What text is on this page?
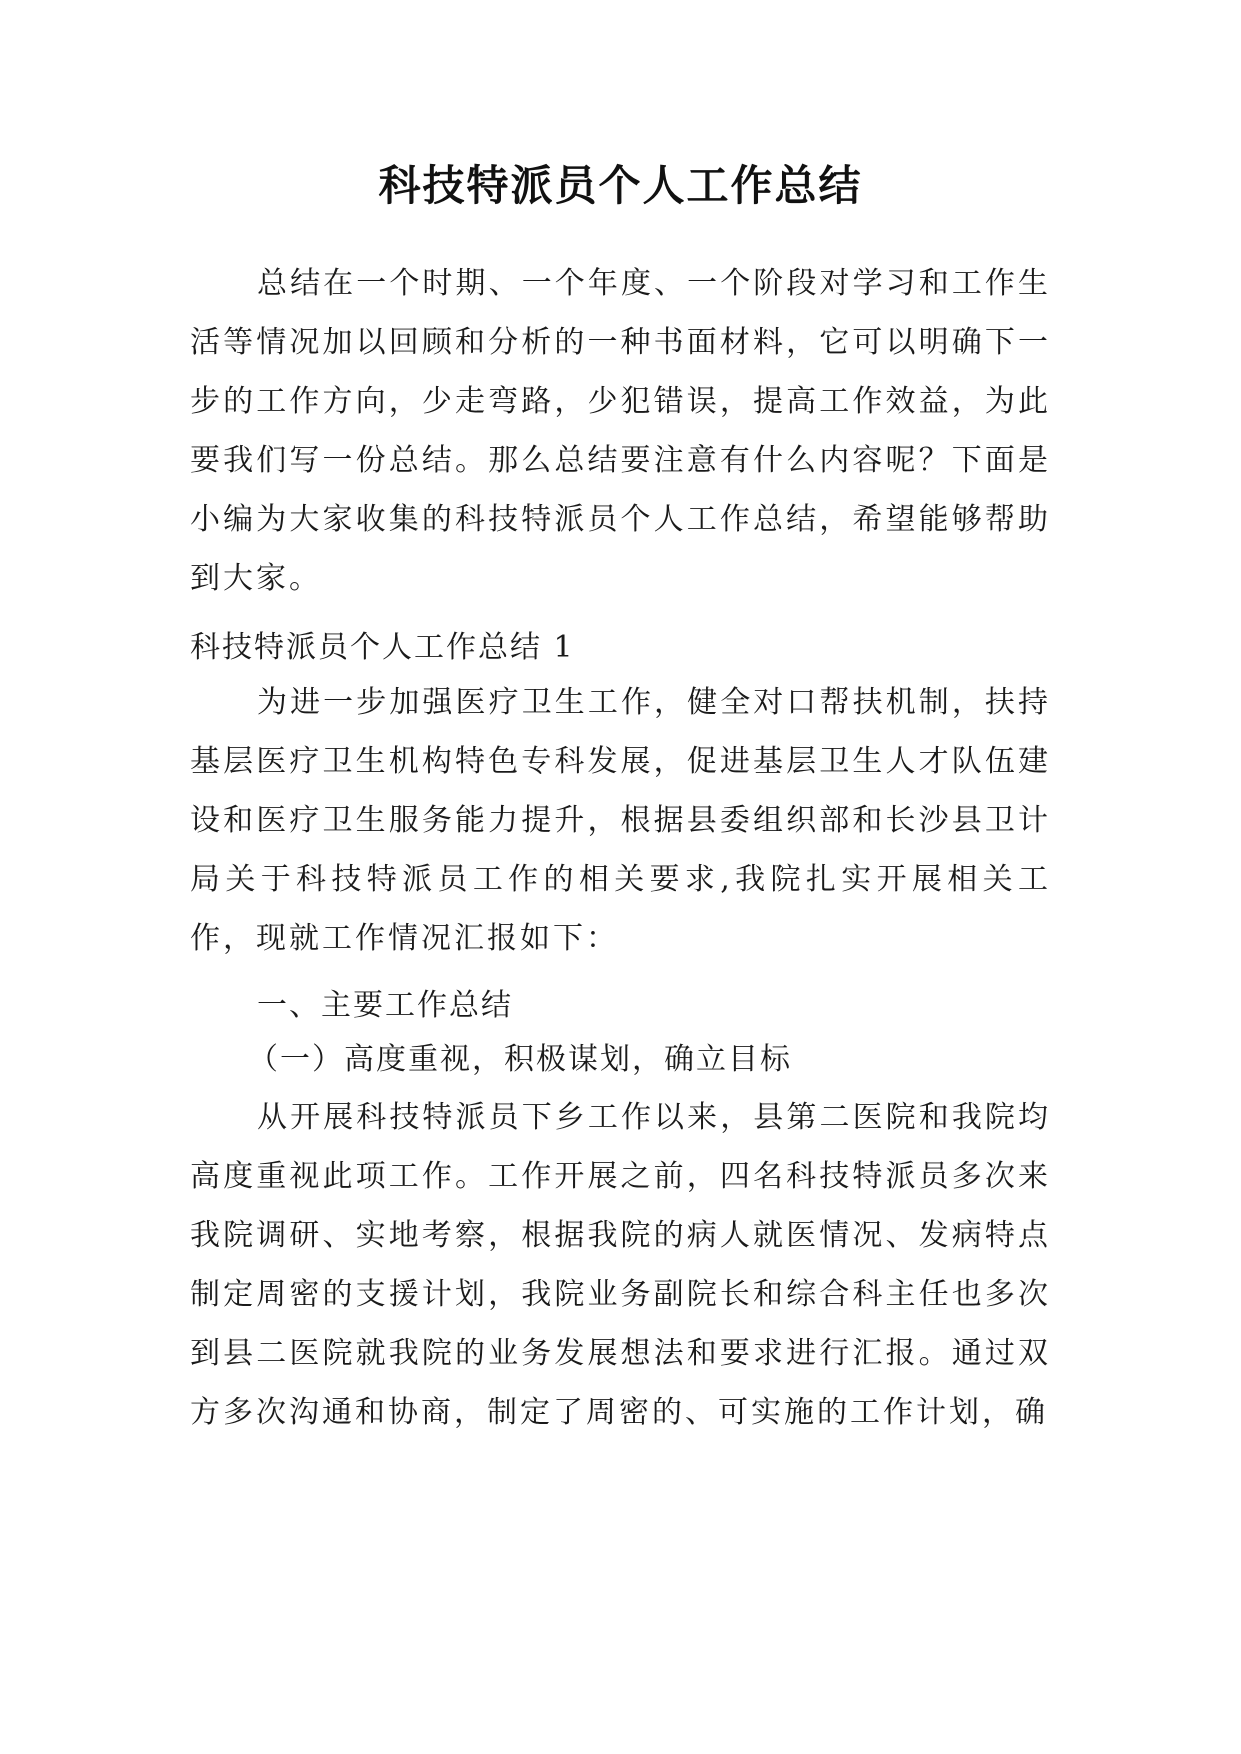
科技特派员个人工作总结

总结在一个时期、一个年度、一个阶段对学习和工作生活等情况加以回顾和分析的一种书面材料，它可以明确下一步的工作方向，少走弯路，少犯错误，提高工作效益，为此要我们写一份总结。那么总结要注意有什么内容呢？下面是小编为大家收集的科技特派员个人工作总结，希望能够帮助到大家。

科技特派员个人工作总结 1

为进一步加强医疗卫生工作，健全对口帮扶机制，扶持基层医疗卫生机构特色专科发展，促进基层卫生人才队伍建设和医疗卫生服务能力提升，根据县委组织部和长沙县卫计局关于科技特派员工作的相关要求,我院扎实开展相关工作，现就工作情况汇报如下：

一、主要工作总结

（一）高度重视，积极谋划，确立目标

从开展科技特派员下乡工作以来，县第二医院和我院均高度重视此项工作。工作开展之前，四名科技特派员多次来我院调研、实地考察，根据我院的病人就医情况、发病特点制定周密的支援计划，我院业务副院长和综合科主任也多次到县二医院就我院的业务发展想法和要求进行汇报。通过双方多次沟通和协商，制定了周密的、可实施的工作计划，确
